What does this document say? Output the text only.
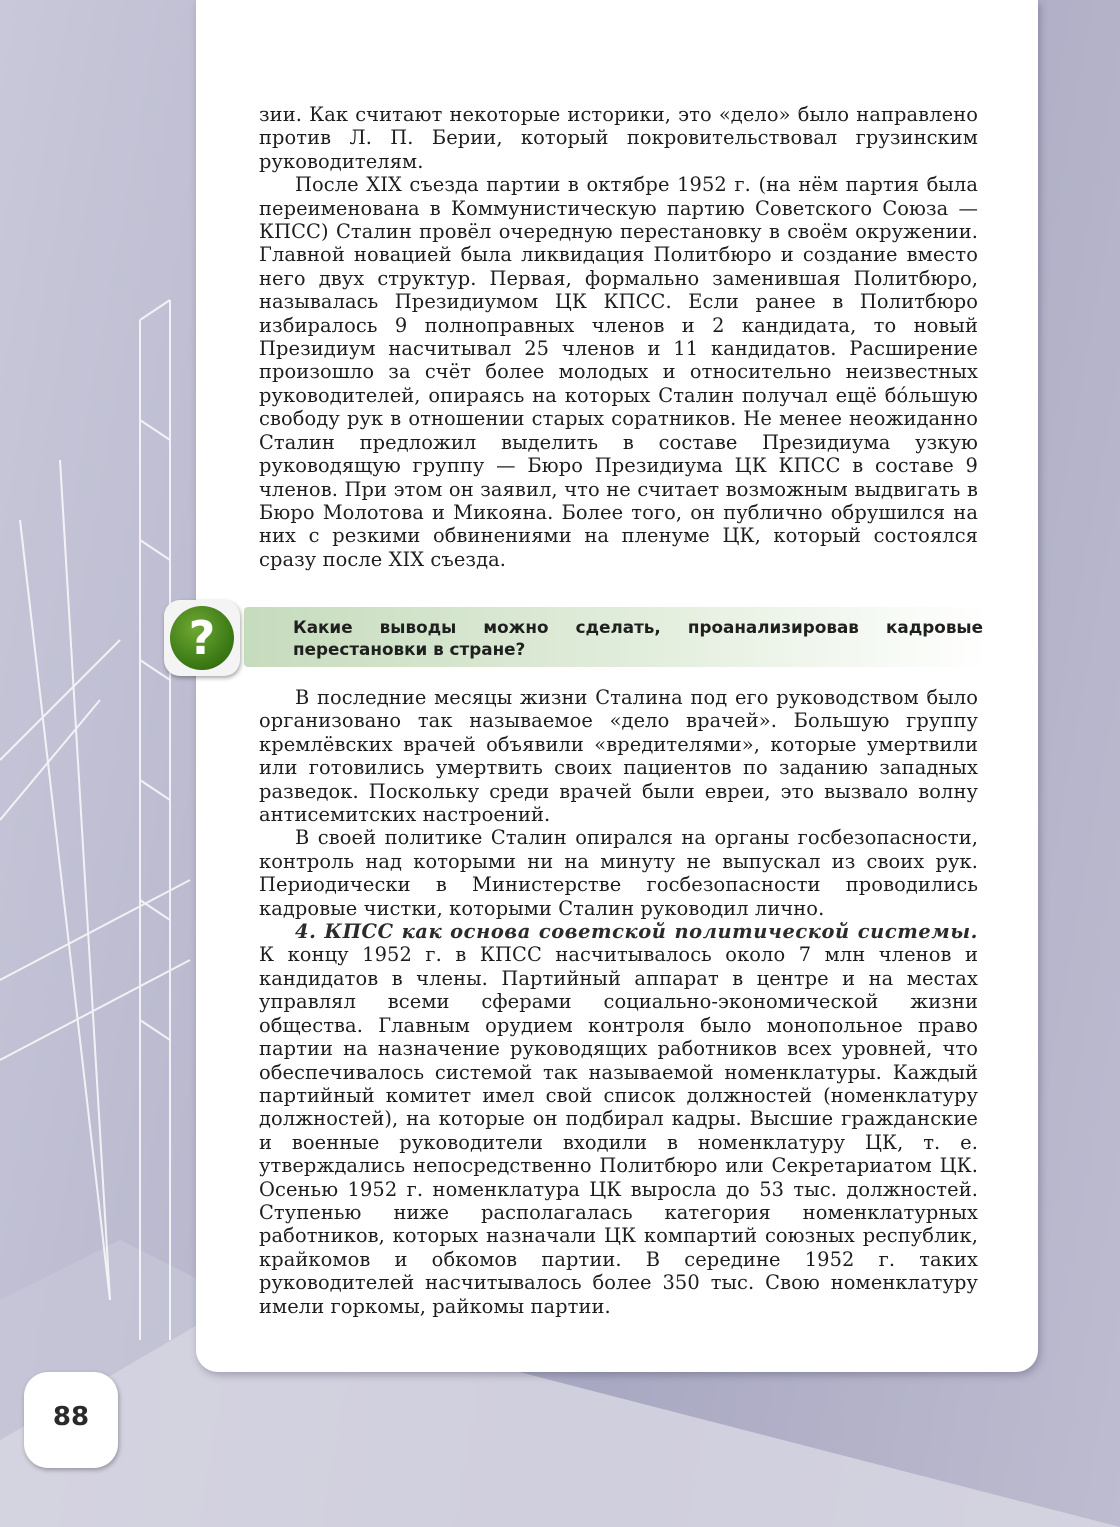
зии. Как считают некоторые историки, это «дело» было направлено против Л. П. Берии, который покровительствовал грузинским руководителям.

После XIX съезда партии в октябре 1952 г. (на нём партия была переименована в Коммунистическую партию Советского Союза — КПСС) Сталин провёл очередную перестановку в своём окружении. Главной новацией была ликвидация Политбюро и создание вместо него двух структур. Первая, формально заменившая Политбюро, называлась Президиумом ЦК КПСС. Если ранее в Политбюро избиралось 9 полноправных членов и 2 кандидата, то новый Президиум насчитывал 25 членов и 11 кандидатов. Расширение произошло за счёт более молодых и относительно неизвестных руководителей, опираясь на которых Сталин получал ещё бóльшую свободу рук в отношении старых соратников. Не менее неожиданно Сталин предложил выделить в составе Президиума узкую руководящую группу — Бюро Президиума ЦК КПСС в составе 9 членов. При этом он заявил, что не считает возможным выдвигать в Бюро Молотова и Микояна. Более того, он публично обрушился на них с резкими обвинениями на пленуме ЦК, который состоялся сразу после XIX съезда.

?	Какие выводы можно сделать, проанализировав кадровые перестановки в стране?

В последние месяцы жизни Сталина под его руководством было организовано так называемое «дело врачей». Большую группу кремлёвских врачей объявили «вредителями», которые умертвили или готовились умертвить своих пациентов по заданию западных разведок. Поскольку среди врачей были евреи, это вызвало волну антисемитских настроений.

В своей политике Сталин опирался на органы госбезопасности, контроль над которыми ни на минуту не выпускал из своих рук. Периодически в Министерстве госбезопасности проводились кадровые чистки, которыми Сталин руководил лично.

4. КПСС как основа советской политической системы. К концу 1952 г. в КПСС насчитывалось около 7 млн членов и кандидатов в члены. Партийный аппарат в центре и на местах управлял всеми сферами социально-экономической жизни общества. Главным орудием контроля было монопольное право партии на назначение руководящих работников всех уровней, что обеспечивалось системой так называемой номенклатуры. Каждый партийный комитет имел свой список должностей (номенклатуру должностей), на которые он подбирал кадры. Высшие гражданские и военные руководители входили в номенклатуру ЦК, т. е. утверждались непосредственно Политбюро или Секретариатом ЦК. Осенью 1952 г. номенклатура ЦК выросла до 53 тыс. должностей. Ступенью ниже располагалась категория номенклатурных работников, которых назначали ЦК компартий союзных республик, крайкомов и обкомов партии. В середине 1952 г. таких руководителей насчитывалось более 350 тыс. Свою номенклатуру имели горкомы, райкомы партии.

88
